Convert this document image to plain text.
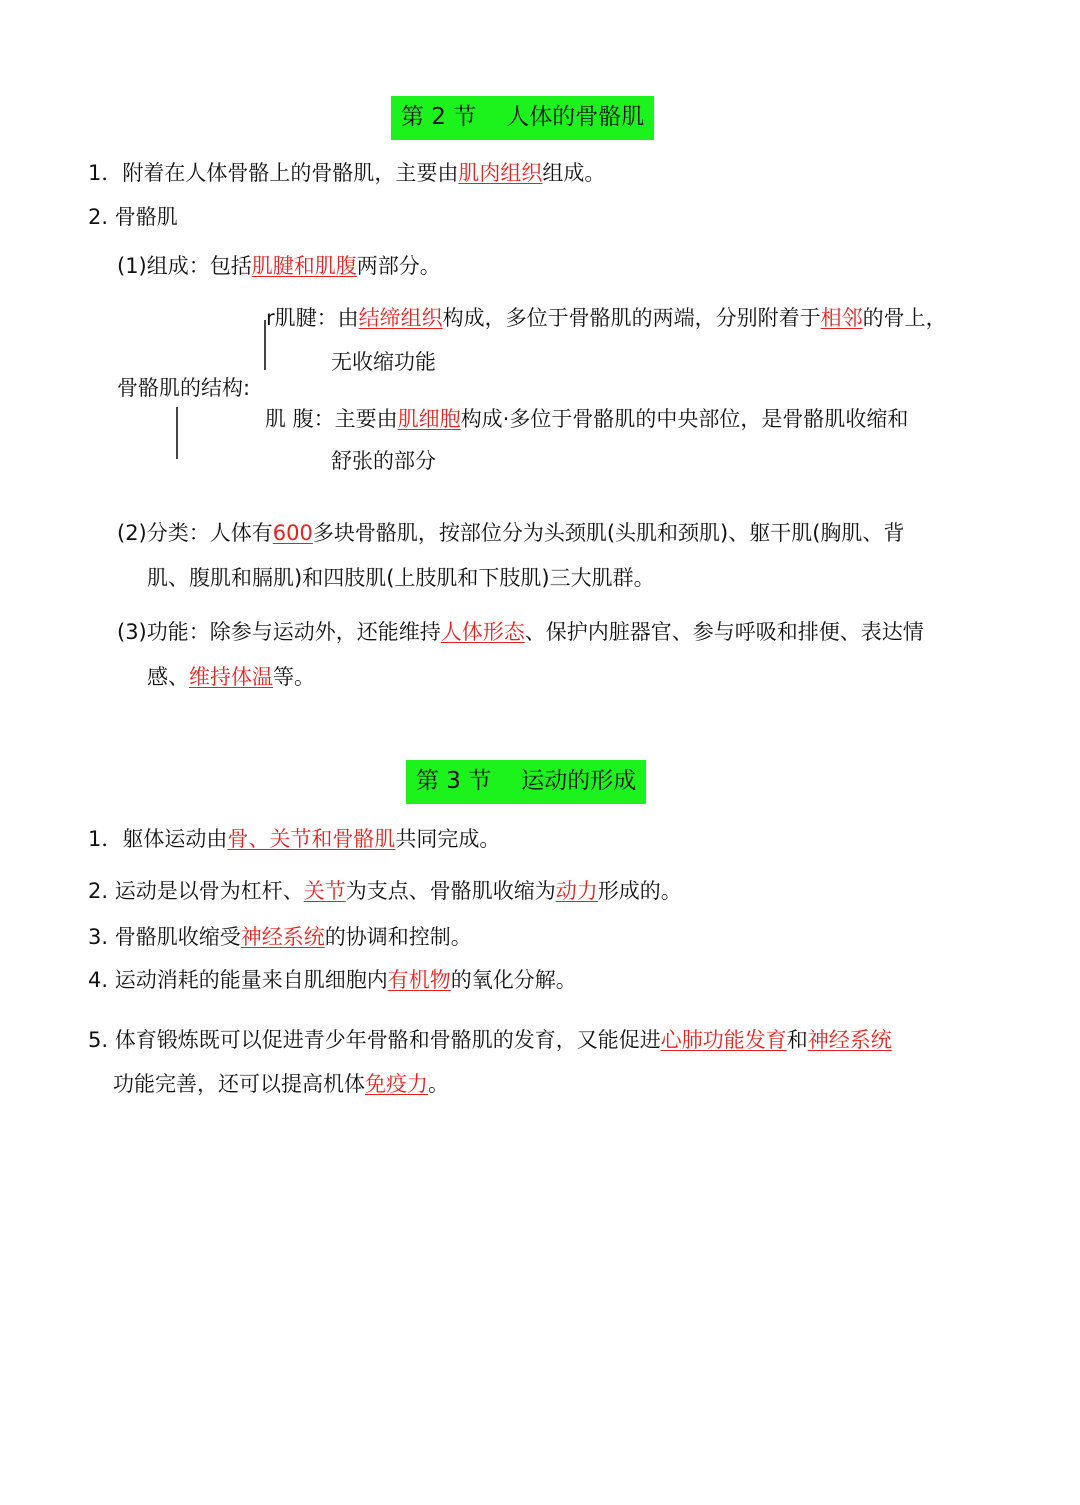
第 2 节 人体的骨骼肌
1．附着在人体骨骼上的骨骼肌，主要由肌肉组织组成。
2. 骨骼肌
(1)组成：包括肌腱和肌腹两部分。
r肌腱：由结缔组织构成，多位于骨骼肌的两端，分别附着于相邻的骨上，
无收缩功能
骨骼肌的结构:
肌 腹：主要由肌细胞构成·多位于骨骼肌的中央部位，是骨骼肌收缩和
舒张的部分
(2)分类：人体有600多块骨骼肌，按部位分为头颈肌(头肌和颈肌)、躯干肌(胸肌、背
肌、腹肌和膈肌)和四肢肌(上肢肌和下肢肌)三大肌群。
(3)功能：除参与运动外，还能维持人体形态、保护内脏器官、参与呼吸和排便、表达情
感、维持体温等。
第 3 节 运动的形成
1．躯体运动由骨、关节和骨骼肌共同完成。
2. 运动是以骨为杠杆、关节为支点、骨骼肌收缩为动力形成的。
3. 骨骼肌收缩受神经系统的协调和控制。
4. 运动消耗的能量来自肌细胞内有机物的氧化分解。
5. 体育锻炼既可以促进青少年骨骼和骨骼肌的发育，又能促进心肺功能发育和神经系统
功能完善，还可以提高机体免疫力。
